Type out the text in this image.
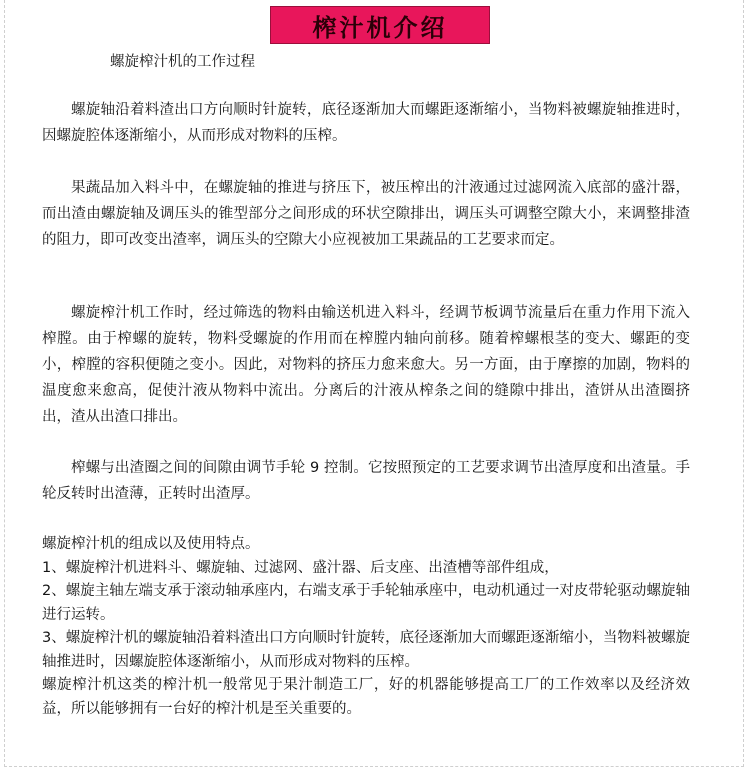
榨汁机介绍
螺旋榨汁机的工作过程

螺旋轴沿着料渣出口方向顺时针旋转，底径逐渐加大而螺距逐渐缩小，当物料被螺旋轴推进时，因螺旋腔体逐渐缩小，从而形成对物料的压榨。

果蔬品加入料斗中，在螺旋轴的推进与挤压下，被压榨出的汁液通过过滤网流入底部的盛汁器，而出渣由螺旋轴及调压头的锥型部分之间形成的环状空隙排出，调压头可调整空隙大小，来调整排渣的阻力，即可改变出渣率，调压头的空隙大小应视被加工果蔬品的工艺要求而定。

螺旋榨汁机工作时，经过筛选的物料由输送机进入料斗，经调节板调节流量后在重力作用下流入榨膛。由于榨螺的旋转，物料受螺旋的作用而在榨膛内轴向前移。随着榨螺根茎的变大、螺距的变小，榨膛的容积便随之变小。因此，对物料的挤压力愈来愈大。另一方面，由于摩擦的加剧，物料的温度愈来愈高，促使汁液从物料中流出。分离后的汁液从榨条之间的缝隙中排出，渣饼从出渣圈挤出，渣从出渣口排出。

榨螺与出渣圈之间的间隙由调节手轮 9 控制。它按照预定的工艺要求调节出渣厚度和出渣量。手轮反转时出渣薄，正转时出渣厚。

螺旋榨汁机的组成以及使用特点。
1、螺旋榨汁机进料斗、螺旋轴、过滤网、盛汁器、后支座、出渣槽等部件组成，
2、螺旋主轴左端支承于滚动轴承座内，右端支承于手轮轴承座中，电动机通过一对皮带轮驱动螺旋轴进行运转。
3、螺旋榨汁机的螺旋轴沿着料渣出口方向顺时针旋转，底径逐渐加大而螺距逐渐缩小，当物料被螺旋轴推进时，因螺旋腔体逐渐缩小，从而形成对物料的压榨。
螺旋榨汁机这类的榨汁机一般常见于果汁制造工厂，好的机器能够提高工厂的工作效率以及经济效益，所以能够拥有一台好的榨汁机是至关重要的。
